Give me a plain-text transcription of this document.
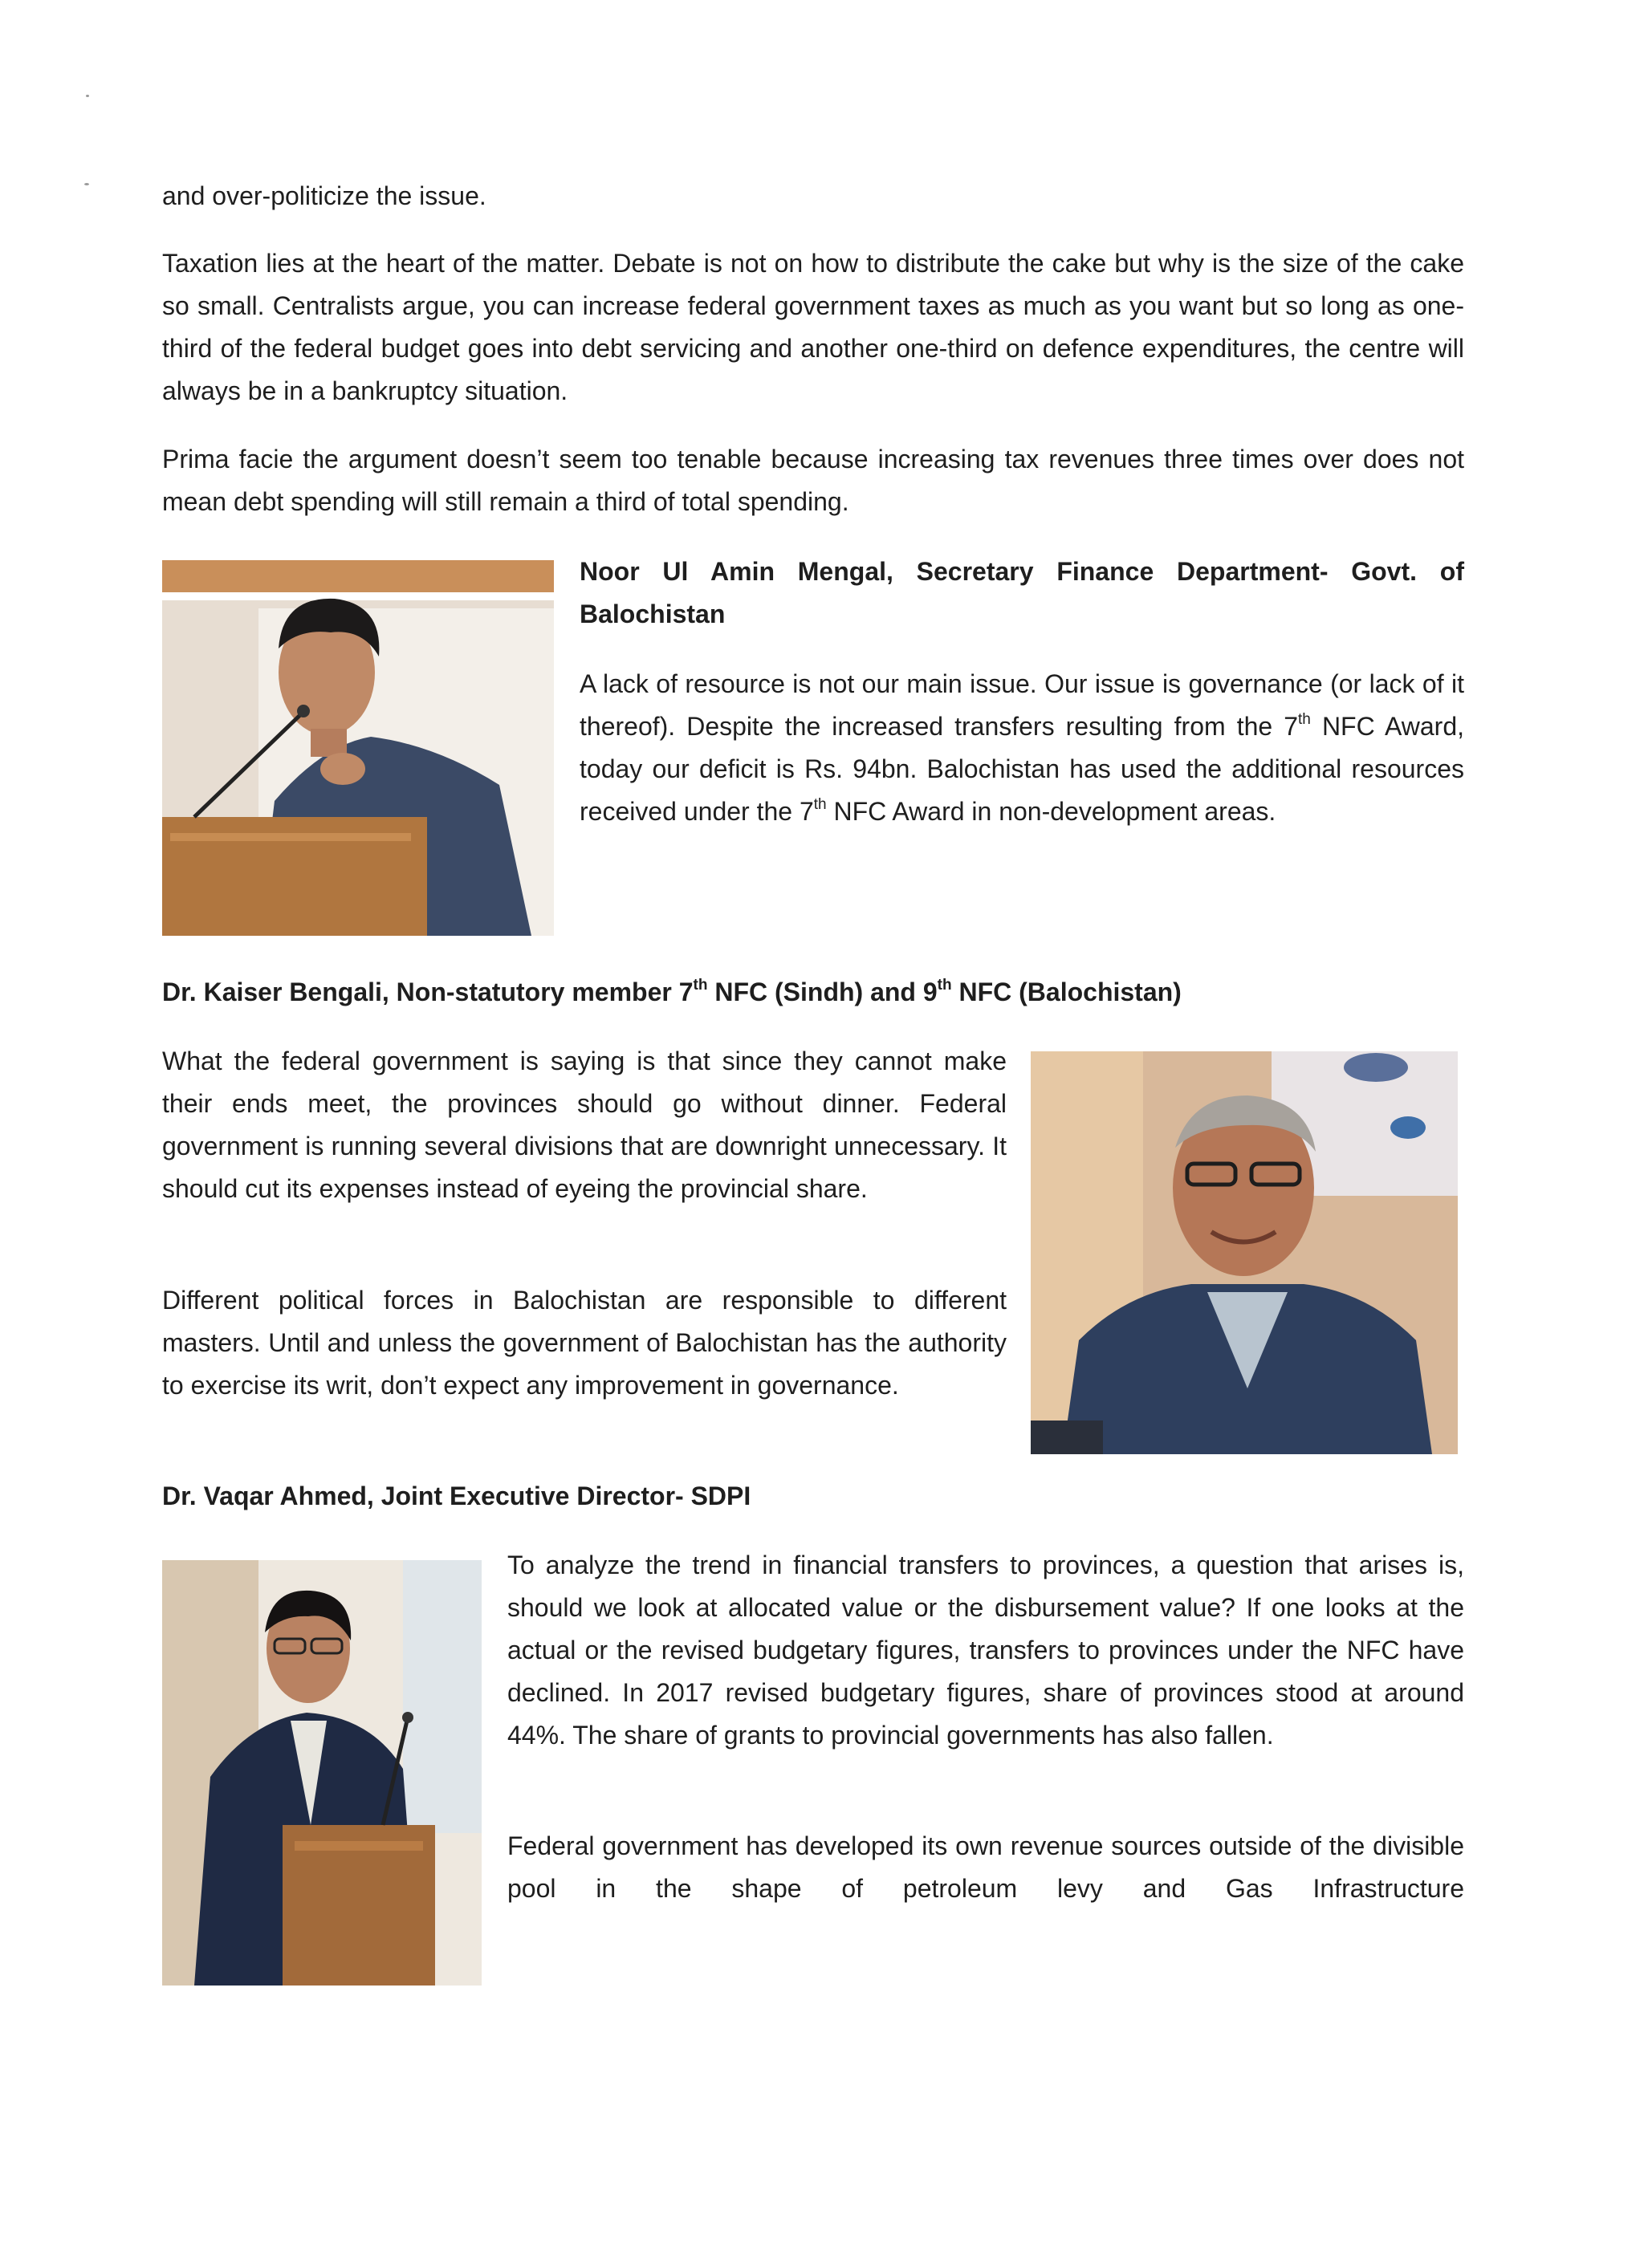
and over-politicize the issue.

Taxation lies at the heart of the matter. Debate is not on how to distribute the cake but why is the size of the cake so small. Centralists argue, you can increase federal government taxes as much as you want but so long as one-third of the federal budget goes into debt servicing and another one-third on defence expenditures, the centre will always be in a bankruptcy situation.

Prima facie the argument doesn’t seem too tenable because increasing tax revenues three times over does not mean debt spending will still remain a third of total spending.

Noor Ul Amin Mengal, Secretary Finance Department- Govt. of Balochistan

A lack of resource is not our main issue. Our issue is governance (or lack of it thereof). Despite the increased transfers resulting from the 7th NFC Award, today our deficit is Rs. 94bn. Balochistan has used the additional resources received under the 7th NFC Award in non-development areas.

Dr. Kaiser Bengali, Non-statutory member 7th NFC (Sindh) and 9th NFC (Balochistan)

What the federal government is saying is that since they cannot make their ends meet, the provinces should go without dinner. Federal government is running several divisions that are downright unnecessary. It should cut its expenses instead of eyeing the provincial share.

Different political forces in Balochistan are responsible to different masters. Until and unless the government of Balochistan has the authority to exercise its writ, don’t expect any improvement in governance.

Dr. Vaqar Ahmed, Joint Executive Director- SDPI

To analyze the trend in financial transfers to provinces, a question that arises is, should we look at allocated value or the disbursement value? If one looks at the actual or the revised budgetary figures, transfers to provinces under the NFC have declined. In 2017 revised budgetary figures, share of provinces stood at around 44%. The share of grants to provincial governments has also fallen.

Federal government has developed its own revenue sources outside of the divisible pool in the shape of petroleum levy and Gas Infrastructure
